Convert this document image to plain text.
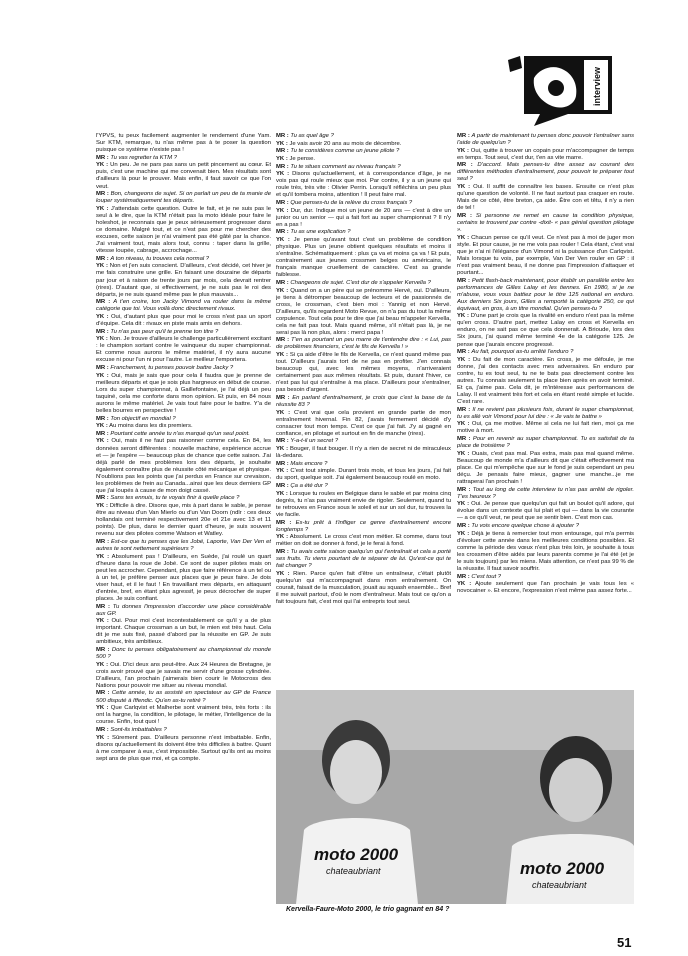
interview

l'YPVS, tu peux facilement augmenter le rendement d'une Yam. Sur KTM, remarque, tu n'as même pas à te poser la question puisque ce système n'existe pas !

MR : Tu vas regretter ta KTM ?

YK : Un peu. Je ne pars pas sans un petit pincement au cœur. Et puis, c'est une machine qui me convenait bien. Mes résultats sont d'ailleurs là pour le prouver. Mais enfin, il faut savoir ce que l'on veut.

MR : Bon, changeons de sujet. Si on parlait un peu de ta manie de louper systématiquement tes départs.

YK : J'attendais cette question. Outre le fait, et je ne suis pas le seul à le dire, que la KTM n'était pas la moto idéale pour faire le holeshot, je reconnais que je peux sérieusement progresser dans ce domaine. Malgré tout, et ce n'est pas pour me chercher des excuses, cette saison je n'ai vraiment pas été gâté par la chance. J'ai vraiment tout, mais alors tout, connu : taper dans la grille, vitesse loupée, cabrage, accrochage...

MR : A ton niveau, tu trouves cela normal ?

YK : Non et j'en suis conscient. D'ailleurs, c'est décidé, cet hiver je me fais construire une grille. En faisant une douzaine de départs par jour et à raison de trente jours par mois, cela devrait rentrer (rires). D'autant que, si effectivement, je ne suis pas le roi des départs, je ne suis quand même pas le plus mauvais...

MR : A t'en croire, ton Jacky Vimond va rouler dans la même catégorie que toi. Vous voilà donc directement rivaux.

YK : Oui, d'autant plus que pour moi le cross n'est pas un sport d'équipe. Cela dit : rivaux en piste mais amis en dehors.

MR : Tu n'as pas peur qu'il te prenne ton titre ?

YK : Non. Je trouve d'ailleurs le challenge particulièrement excitant : le champion sortant contre le vainqueur du super championnat. Et comme nous aurons le même matériel, il n'y aura aucune excuse ni pour l'un ni pour l'autre. Le meilleur l'emportera.

MR : Franchement, tu penses pouvoir battre Jacky ?

YK : Oui, mais je sais que pour cela il faudra que je prenne de meilleurs départs et que je sois plus hargneux en début de course. Lors du super championnat, à Gaillefontaine, je l'ai déjà un peu taquiné, cela me conforte dans mon opinion. Et puis, en 84 nous aurons le même matériel. Je vais tout faire pour le battre. Y'a de belles bourres en perspective !

MR : Ton objectif en mondial ?

YK : Au moins dans les dix premiers.

MR : Pourtant cette année tu n'as marqué qu'un seul point.

YK : Oui, mais il ne faut pas raisonner comme cela. En 84, les données seront différentes : nouvelle machine, expérience accrue et — je l'espère — beaucoup plus de chance que cette saison. J'ai déjà parlé de mes problèmes lors des départs, je souhaite également connaître plus de réussite côté mécanique et physique. N'oublions pas les points que j'ai perdus en France sur crevaison, les problèmes de frein au Canada...ainsi que les deux derniers GP que j'ai loupés à cause de mon doigt cassé.

MR : Sans tes ennuis, tu te voyais finir à quelle place ?

YK : Difficile à dire. Disons que, mis à part dans le sable, je pense être au niveau d'un Van Mierlo ou d'un Van Doorn (ndlr : ces deux hollandais ont terminé respectivement 20e et 21e avec 13 et 11 points). De plus, dans le dernier quart d'heure, je suis souvent revenu sur des pilotes comme Watson et Watley.

MR : Est-ce que tu penses que les Jobé, Laporte, Van Der Ven et autres te sont nettement supérieurs ?

YK : Absolument pas ! D'ailleurs, en Suède, j'ai roulé un quart d'heure dans la roue de Jobé. Ce sont de super pilotes mais on peut les accrocher. Cependant, plus que faire référence à un tel ou à un tel, je préfère penser aux places que je peux faire. Je dois viser haut, et il le faut ! En travaillant mes départs, en attaquant d'entrée, bref, en étant plus agressif, je peux décrocher de super places. Je suis confiant.

MR : Tu donnes l'impression d'accorder une place considérable aux GP.

YK : Oui. Pour moi c'est incontestablement ce qu'il y a de plus important. Chaque crossman a un but, le mien est très haut. Cela dit je me suis fixé, passé d'abord par la réussite en GP. Je suis ambitieux, très ambitieux.

MR : Donc tu penses obligatoirement au championnat du monde 500 ?

YK : Oui. D'ici deux ans peut-être. Aux 24 Heures de Bretagne, je crois avoir prouvé que je savais me servir d'une grosse cylindrée. D'ailleurs, l'an prochain j'aimerais bien courir le Motocross des Nations pour pouvoir me situer au niveau mondial.

MR : Cette année, tu as assisté en spectateur au GP de France 500 disputé à Iffendic. Qu'en as-tu retiré ?

YK : Que Carlqvist et Malherbe sont vraiment très, très forts : ils ont la hargne, la condition, le pilotage, le métier, l'intelligence de la course. Enfin, tout quoi !

MR : Sont-ils imbattables ?

YK : Sûrement pas. D'ailleurs personne n'est imbattable. Enfin, disons qu'actuellement ils doivent être très difficiles à battre. Quant à me comparer à eux, c'est impossible. Surtout qu'ils ont au moins sept ans de plus que moi, et ça compte.

MR : Tu as quel âge ?

YK : Je vais avoir 20 ans au mois de décembre.

MR : Tu te considères comme un jeune pilote ?

YK : Je pense.

MR : Tu te situes comment au niveau français ?

YK : Disons qu'actuellement, et à correspondance d'âge, je ne vois pas qui roule mieux que moi. Par contre, il y a un jeune qui roule très, très vite : Olivier Perrin. Lorsqu'il réfléchira un peu plus et qu'il tombera moins, attention ! Il peut faire mal.

MR : Que penses-tu de la relève du cross français ?

YK : Dur, dur. Indique moi un jeune de 20 ans — c'est à dire un junior ou un senior — qui a fait fort au super championnat ? Il n'y en a pas !

MR : Tu as une explication ?

YK : Je pense qu'avant tout c'est un problème de condition physique. Plus un jeune obtient quelques résultats et moins il s'entraîne. Schématiquement : plus ça va et moins ça va ! Et puis, contrairement aux jeunes crossmen belges ou américains, le français manque cruellement de caractère. C'est sa grande faiblesse.

MR : Changeons de sujet. C'est dur de s'appeler Kervella ?

YK : Quand on a un père qui se prénomme Hervé, oui. D'ailleurs, je tiens à détromper beaucoup de lecteurs et de passionnés de cross, le crossman, c'est bien moi : Yannig et non Hervé. D'ailleurs, qu'ils regardent Moto Revue, on n'a pas du tout la même corpulence. Tout cela pour te dire que j'ai beau m'appeler Kervella, cela ne fait pas tout. Mais quand même, s'il n'était pas là, je ne serai pas là non plus, alors : merci papa !

MR : T'en as pourtant un peu marre de t'entendre dire : « Lui, pas de problèmes financiers, c'est le fils de Kervella ! »

YK : Si ça aide d'être le fils de Kervella, ce n'est quand même pas tout. D'ailleurs j'aurais tort de ne pas en profiter. J'en connais beaucoup qui, avec les mêmes moyens, n'arriveraient certainement pas aux mêmes résultats. Et puis, durant l'hiver, ce n'est pas lui qui s'entraîne à ma place. D'ailleurs pour s'entraîner, pas besoin d'argent.

MR : En parlant d'entraînement, je crois que c'est la base de ta réussite 83 ?

YK : C'est vrai que cela provient en grande partie de mon entraînement hivernal. Fin 82, j'avais fermement décidé d'y consacrer tout mon temps. C'est ce que j'ai fait. J'y ai gagné en confiance, en pilotage et surtout en fin de manche (rires).

MR : Y-a-t-il un secret ?

YK : Bouger, il faut bouger. Il n'y a rien de secret ni de miraculeux là-dedans.

MR : Mais encore ?

YK : C'est tout simple. Durant trois mois, et tous les jours, j'ai fait du sport, quelque soit. J'ai également beaucoup roulé en moto.

MR : Ça a été dur ?

YK : Lorsque tu roules en Belgique dans le sable et par moins cinq degrés, tu n'as pas vraiment envie de rigoler. Seulement, quand tu te retrouves en France sous le soleil et sur un sol dur, tu trouves la vie facile.

MR : Es-tu prêt à t'infliger ce genre d'entraînement encore longtemps ?

YK : Absolument. Le cross c'est mon métier. Et comme, dans tout métier on doit se donner à fond, je le ferai à fond.

MR : Tu avais cette saison quelqu'un qui t'entraînait et cela a porté ses fruits. Tu viens pourtant de te séparer de lui. Qu'est-ce qui te fait changer ?

YK : Rien. Parce qu'en fait d'être un entraîneur, c'était plutôt quelqu'un qui m'accompagnait dans mon entraînement. On courait, faisait de la musculation, jouait au squash ensemble... Bref il me suivait partout, d'où le nom d'entraîneur. Mais tout ce qu'on a fait toujours fait, c'est moi qui l'ai entrepris tout seul.

MR : A partir de maintenant tu penses donc pouvoir t'entraîner sans l'aide de quelqu'un ?

YK : Oui, quitte à trouver un copain pour m'accompagner de temps en temps. Tout seul, c'est dur, t'en as vite marre.

MR : D'accord. Mais penses-tu être assez au courant des différentes méthodes d'entraînement, pour pouvoir te préparer tout seul ?

YK : Oui. Il suffit de connaître les bases. Ensuite ce n'est plus qu'une question de volonté. Il ne faut surtout pas craquer en route. Mais de ce côté, être breton, ça aide. Être con et têtu, il n'y a rien de tel !

MR : Si personne ne remet en cause ta condition physique, certains te trouvent par contre -dixit- « pas génial question pilotage ».

YK : Chacun pense ce qu'il veut. Ce n'est pas à moi de juger mon style. Et pour cause, je ne me vois pas rouler ! Cela étant, c'est vrai que je n'ai ni l'élégance d'un Vimond ni la puissance d'un Carlqvist. Mais lorsque tu vois, par exemple, Van Der Ven rouler en GP : il n'est pas vraiment beau, il ne donne pas l'impression d'attaquer et pourtant...

MR : Petit flash-back maintenant, pour établir un parallèle entre les performances de Gilles Lalay et les tiennes. En 1980, si je ne m'abuse, vous vous battiez pour le titre 125 national en enduro. Aux derniers Six jours, Gilles a remporté la catégorie 250, ce qui équivaut, en gros, à un titre mondial. Qu'en penses-tu ?

YK : D'une part je crois que la rivalité en enduro n'est pas la même qu'en cross. D'autre part, mettez Lalay en cross et Kervella en enduro, on ne sait pas ce que cela donnerait. A Brioude, lors des Six jours, j'ai quand même terminé 4e de la catégorie 125. Je pense que j'aurais encore progressé.

MR : Au fait, pourquoi as-tu arrêté l'enduro ?

YK : Du fait de mon caractère. En cross, je me défoule, je me donne, j'ai des contacts avec mes adversaires. En enduro par contre, tu es tout seul, tu ne te bats pas directement contre les autres. Tu connais seulement ta place bien après en avoir terminé. Et ça, j'aime pas. Cela dit, je m'intéresse aux performances de Lalay. Il est vraiment très fort et cela en étant resté simple et lucide. C'est rare.

MR : Il ne revient pas plusieurs fois, durant le super championnat, tu es allé voir Vimond pour lui dire : « Je vais te battre »

YK : Oui, ça me motive. Même si cela ne lui fait rien, moi ça me motive à mort.

MR : Pour en revenir au super championnat. Tu es satisfait de ta place de troisième ?

YK : Ouais, c'est pas mal. Pas extra, mais pas mal quand même. Beaucoup de monde m'a d'ailleurs dit que c'était effectivement ma place. Ce qui m'empêche que sur le fond je suis cependant un peu déçu. Je pensais faire mieux, gagner une manche...je me rattraperai l'an prochain !

MR : Tout au long de cette interview tu n'as pas arrêté de rigoler. T'es heureux ?

YK : Oui. Je pense que quelqu'un qui fait un boulot qu'il adore, qui évolue dans un contexte qui lui plait et qui — dans la vie courante — a ce qu'il veut, ne peut que se sentir bien. C'est mon cas.

MR : Tu vois encore quelque chose à ajouter ?

YK : Déjà je tiens à remercier tout mon entourage, qui m'a permis d'évoluer cette année dans les meilleures conditions possibles. Et comme la période des vœux n'est plus très loin, je souhaite à tous les crossmen d'être aidés par leurs parents comme je l'ai été (et je le suis toujours) par les miens. Mais attention, ce n'est pas 99 % de la réussite. Il faut savoir souffrir.

MR : C'est tout ?

YK : Ajoute seulement que l'an prochain je vais tous les « novocainer ». Et encore, l'expression n'est même pas assez forte...

moto 2000
chateaubriant	moto 2000
chateaubriant
Kervella-Faure-Moto 2000, le trio gagnant en 84 ?
51
